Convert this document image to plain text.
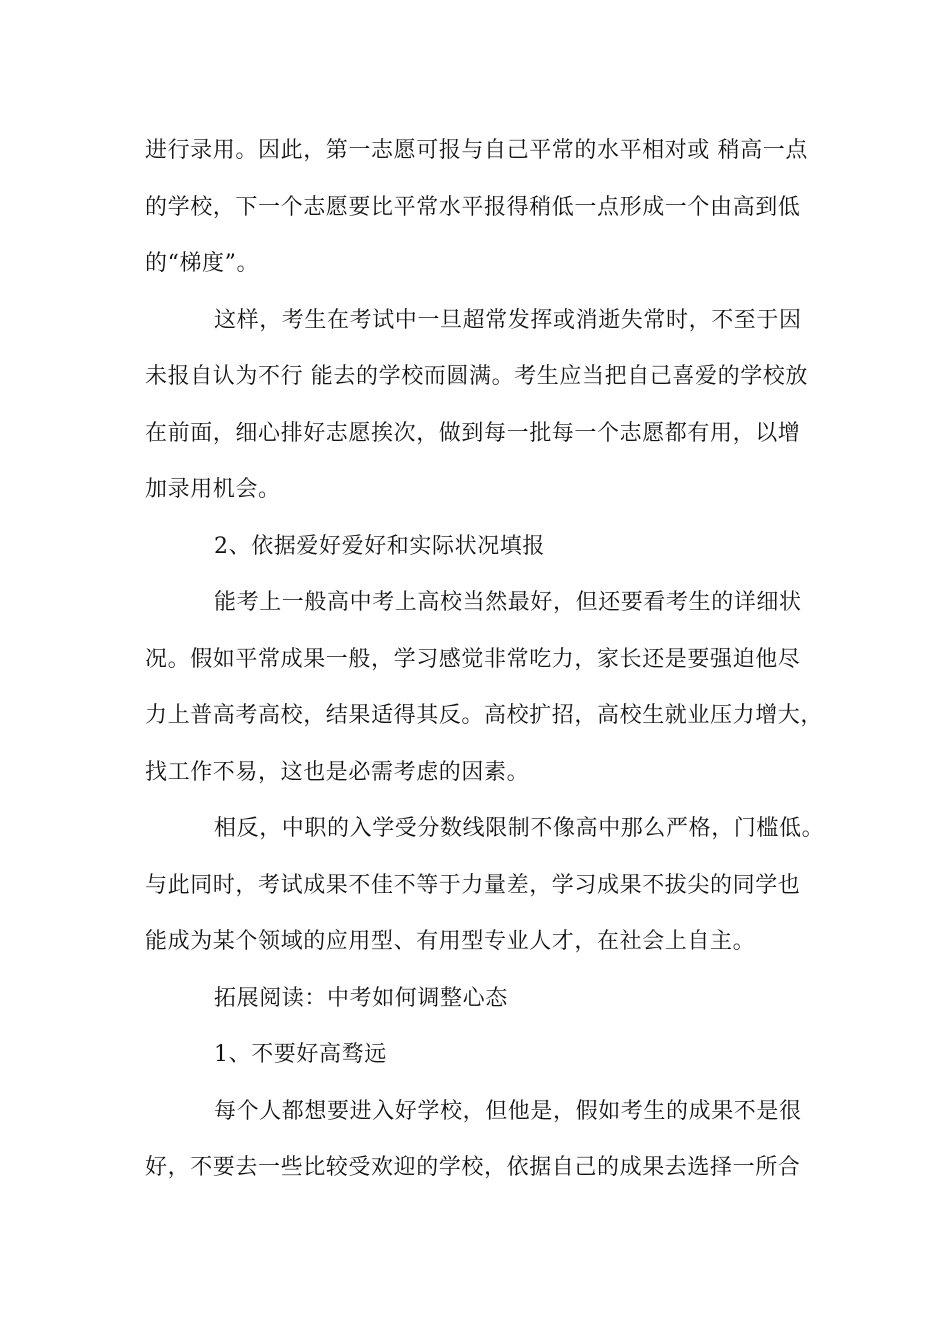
进行录用。因此，第一志愿可报与自己平常的水平相对或 稍高一点
的学校，下一个志愿要比平常水平报得稍低一点形成一个由高到低
的“梯度”。
这样，考生在考试中一旦超常发挥或消逝失常时，不至于因
未报自认为不行 能去的学校而圆满。考生应当把自己喜爱的学校放
在前面，细心排好志愿挨次，做到每一批每一个志愿都有用，以增
加录用机会。
2、依据爱好爱好和实际状况填报
能考上一般高中考上高校当然最好，但还要看考生的详细状
况。假如平常成果一般，学习感觉非常吃力，家长还是要强迫他尽
力上普高考高校，结果适得其反。高校扩招，高校生就业压力增大，
找工作不易，这也是必需考虑的因素。
相反，中职的入学受分数线限制不像高中那么严格，门槛低。
与此同时，考试成果不佳不等于力量差，学习成果不拔尖的同学也
能成为某个领域的应用型、有用型专业人才，在社会上自主。
拓展阅读：中考如何调整心态
1、不要好高骛远
每个人都想要进入好学校，但他是，假如考生的成果不是很
好，不要去一些比较受欢迎的学校，依据自己的成果去选择一所合
